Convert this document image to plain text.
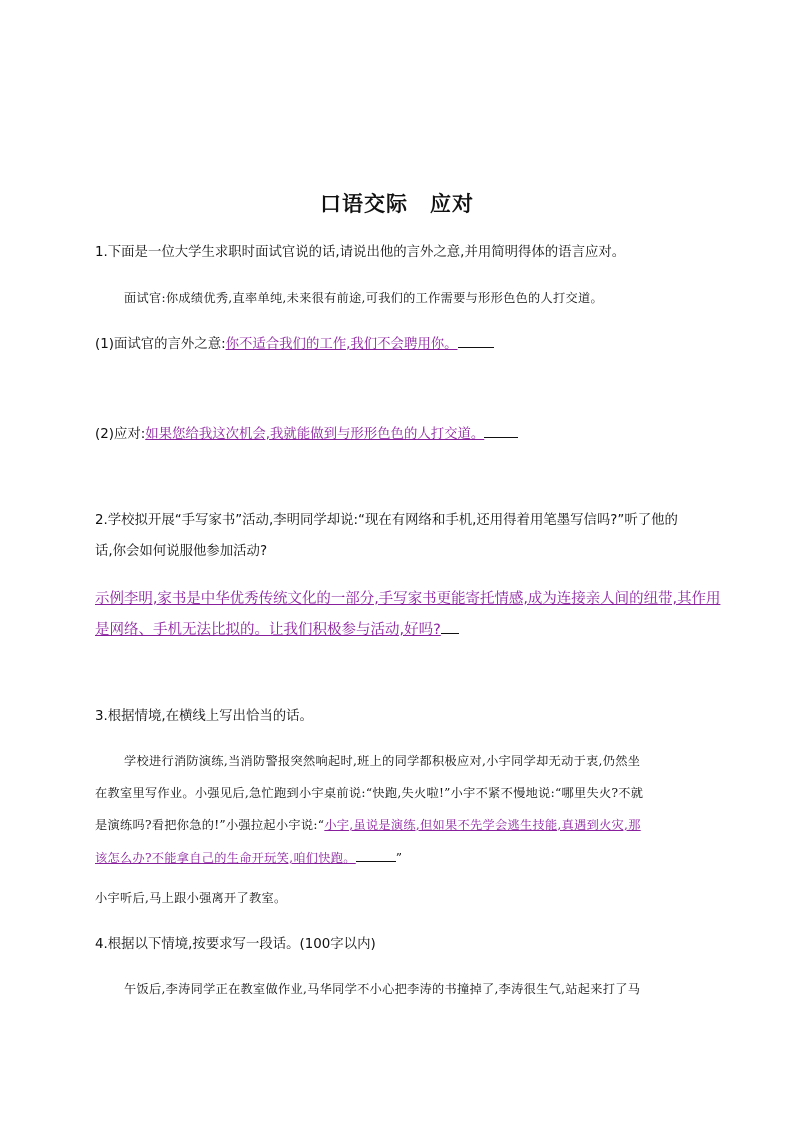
口语交际　应对
1.下面是一位大学生求职时面试官说的话,请说出他的言外之意,并用简明得体的语言应对。
面试官:你成绩优秀,直率单纯,未来很有前途,可我们的工作需要与形形色色的人打交道。
(1)面试官的言外之意:你不适合我们的工作,我们不会聘用你。
(2)应对:如果您给我这次机会,我就能做到与形形色色的人打交道。
2.学校拟开展“手写家书”活动,李明同学却说:“现在有网络和手机,还用得着用笔墨写信吗?”听了他的
话,你会如何说服他参加活动?
示例李明,家书是中华优秀传统文化的一部分,手写家书更能寄托情感,成为连接亲人间的纽带,其作用
是网络、手机无法比拟的。让我们积极参与活动,好吗?
3.根据情境,在横线上写出恰当的话。
学校进行消防演练,当消防警报突然响起时,班上的同学都积极应对,小宇同学却无动于衷,仍然坐
在教室里写作业。小强见后,急忙跑到小宇桌前说:“快跑,失火啦!”小宇不紧不慢地说:“哪里失火?不就
是演练吗?看把你急的!”小强拉起小宇说:“小宇,虽说是演练,但如果不先学会逃生技能,真遇到火灾,那
该怎么办?不能拿自己的生命开玩笑,咱们快跑。	”
小宇听后,马上跟小强离开了教室。
4.根据以下情境,按要求写一段话。(100字以内)
午饭后,李涛同学正在教室做作业,马华同学不小心把李涛的书撞掉了,李涛很生气,站起来打了马
